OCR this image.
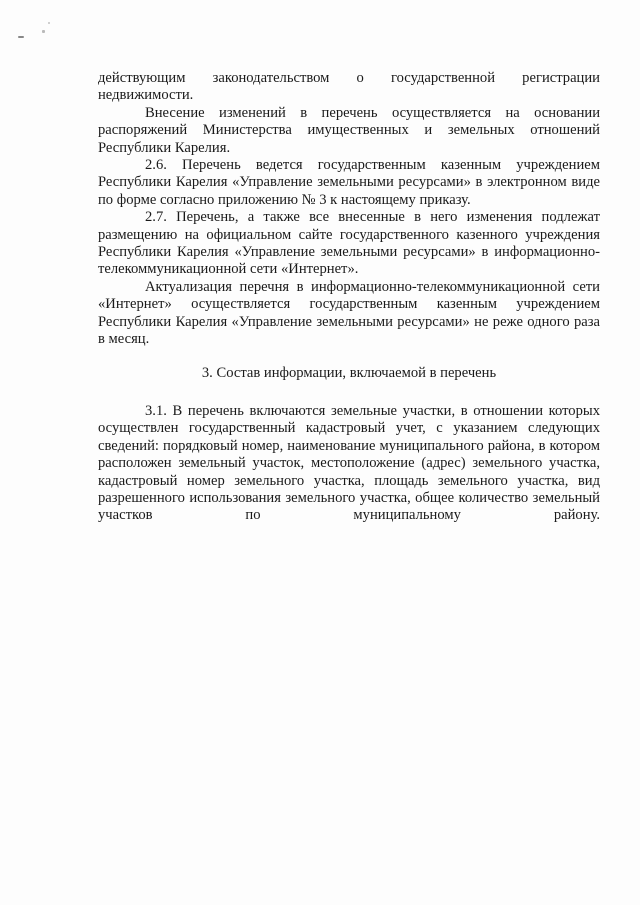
действующим законодательством о государственной регистрации недвижимости.

Внесение изменений в перечень осуществляется на основании распоряжений Министерства имущественных и земельных отношений Республики Карелия.

2.6. Перечень ведется государственным казенным учреждением Республики Карелия «Управление земельными ресурсами» в электронном виде по форме согласно приложению № 3 к настоящему приказу.

2.7. Перечень, а также все внесенные в него изменения подлежат размещению на официальном сайте государственного казенного учреждения Республики Карелия «Управление земельными ресурсами» в информационно-телекоммуникационной сети «Интернет».

Актуализация перечня в информационно-телекоммуникационной сети «Интернет» осуществляется государственным казенным учреждением Республики Карелия «Управление земельными ресурсами» не реже одного раза в месяц.

3. Состав информации, включаемой в перечень

3.1. В перечень включаются земельные участки, в отношении которых осуществлен государственный кадастровый учет, с указанием следующих сведений: порядковый номер, наименование муниципального района, в котором расположен земельный участок, местоположение (адрес) земельного участка, кадастровый номер земельного участка, площадь земельного участка, вид разрешенного использования земельного участка, общее количество земельный участков по муниципальному району.
